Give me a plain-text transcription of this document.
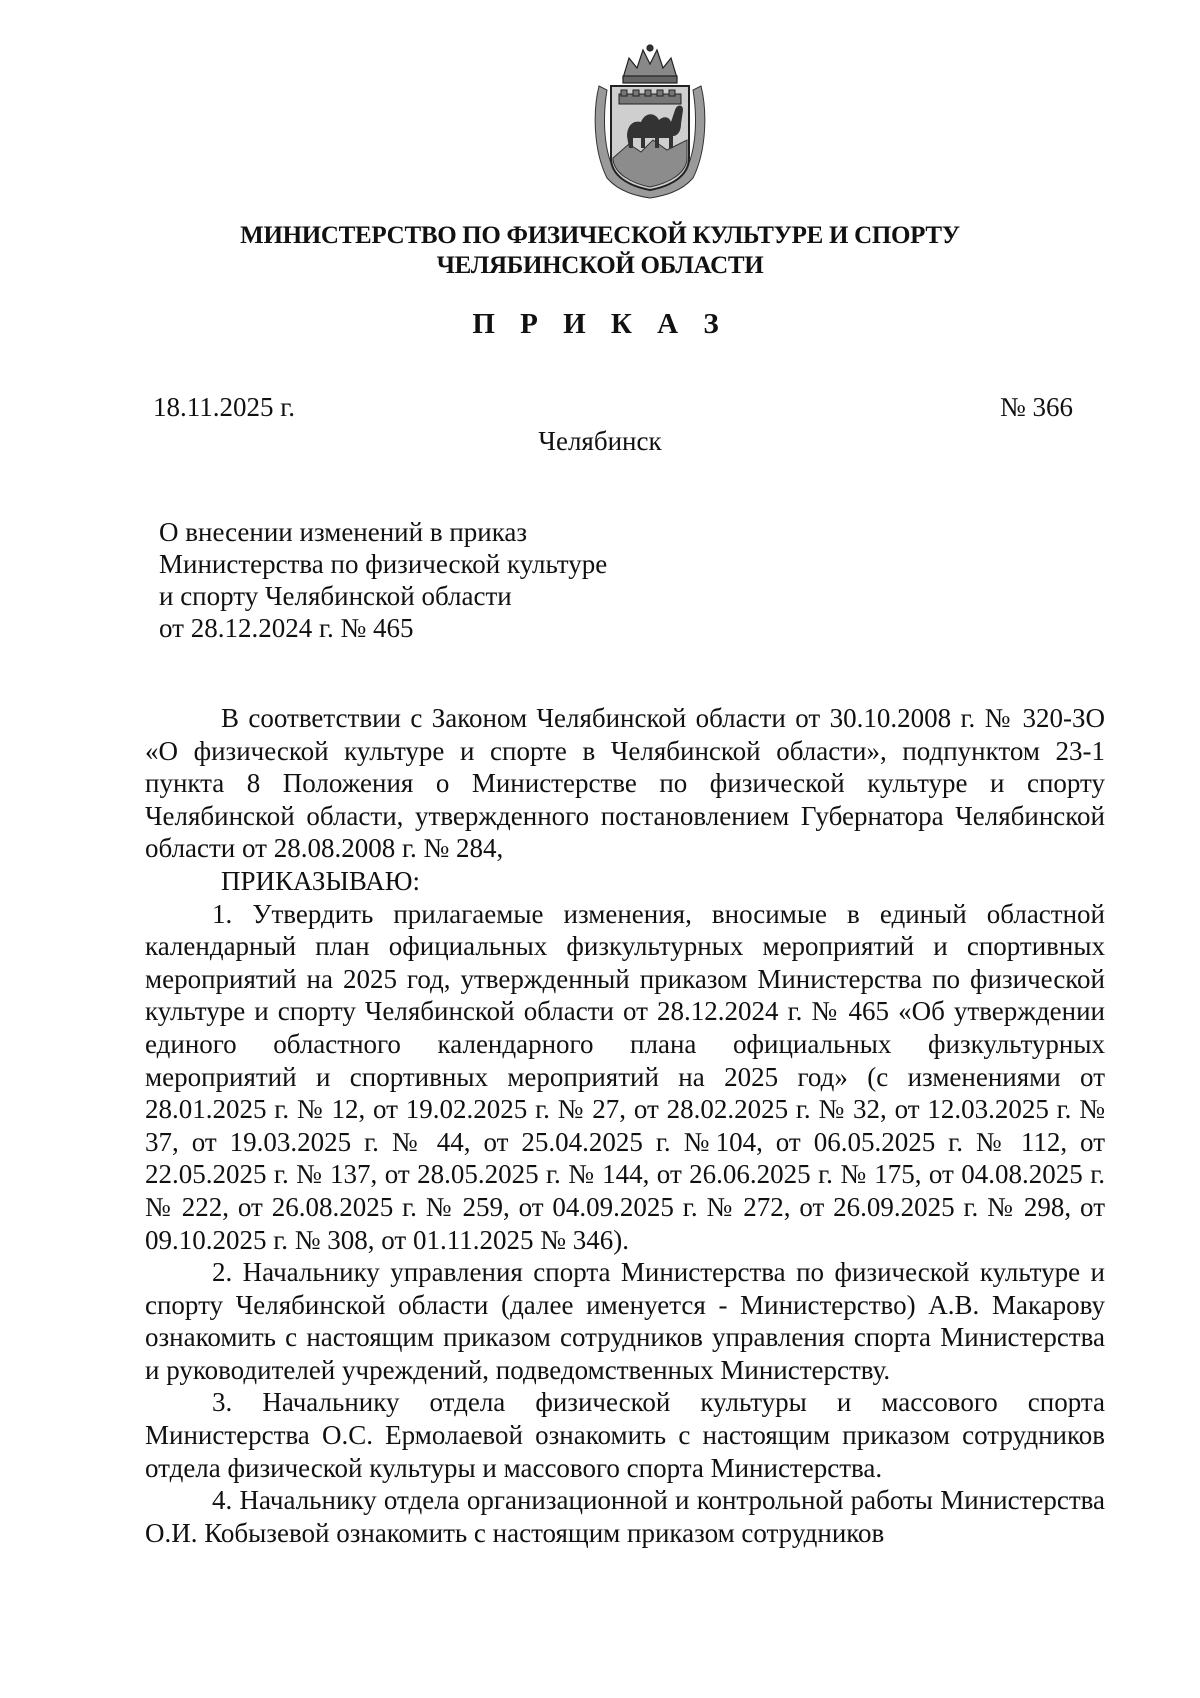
МИНИСТЕРСТВО ПО ФИЗИЧЕСКОЙ КУЛЬТУРЕ И СПОРТУ
ЧЕЛЯБИНСКОЙ ОБЛАСТИ
П Р И К А З
18.11.2025 г.	№ 366
Челябинск
О внесении изменений в приказ
Министерства по физической культуре
и спорту Челябинской области
от 28.12.2024 г. № 465

В соответствии с Законом Челябинской области от 30.10.2008 г. № 320-ЗО «О физической культуре и спорте в Челябинской области», подпунктом 23-1 пункта 8 Положения о Министерстве по физической культуре и спорту Челябинской области, утвержденного постановлением Губернатора Челябинской области от 28.08.2008 г. № 284,

ПРИКАЗЫВАЮ:

1. Утвердить прилагаемые изменения, вносимые в единый областной календарный план официальных физкультурных мероприятий и спортивных мероприятий на 2025 год, утвержденный приказом Министерства по физической культуре и спорту Челябинской области от 28.12.2024 г. № 465 «Об утверждении единого областного календарного плана официальных физкультурных мероприятий и спортивных мероприятий на 2025 год» (с изменениями от 28.01.2025 г. № 12, от 19.02.2025 г. № 27, от 28.02.2025 г. № 32, от 12.03.2025 г. № 37, от 19.03.2025 г. № 44, от 25.04.2025 г. №104, от 06.05.2025 г. № 112, от 22.05.2025 г. № 137, от 28.05.2025 г. № 144, от 26.06.2025 г. № 175, от 04.08.2025 г. № 222, от 26.08.2025 г. № 259, от 04.09.2025 г. № 272, от 26.09.2025 г. № 298, от 09.10.2025 г. № 308, от 01.11.2025 № 346).

2. Начальнику управления спорта Министерства по физической культуре и спорту Челябинской области (далее именуется - Министерство) А.В. Макарову ознакомить с настоящим приказом сотрудников управления спорта Министерства и руководителей учреждений, подведомственных Министерству.

3. Начальнику отдела физической культуры и массового спорта Министерства О.С. Ермолаевой ознакомить с настоящим приказом сотрудников отдела физической культуры и массового спорта Министерства.

4. Начальнику отдела организационной и контрольной работы Министерства О.И. Кобызевой ознакомить с настоящим приказом сотрудников
